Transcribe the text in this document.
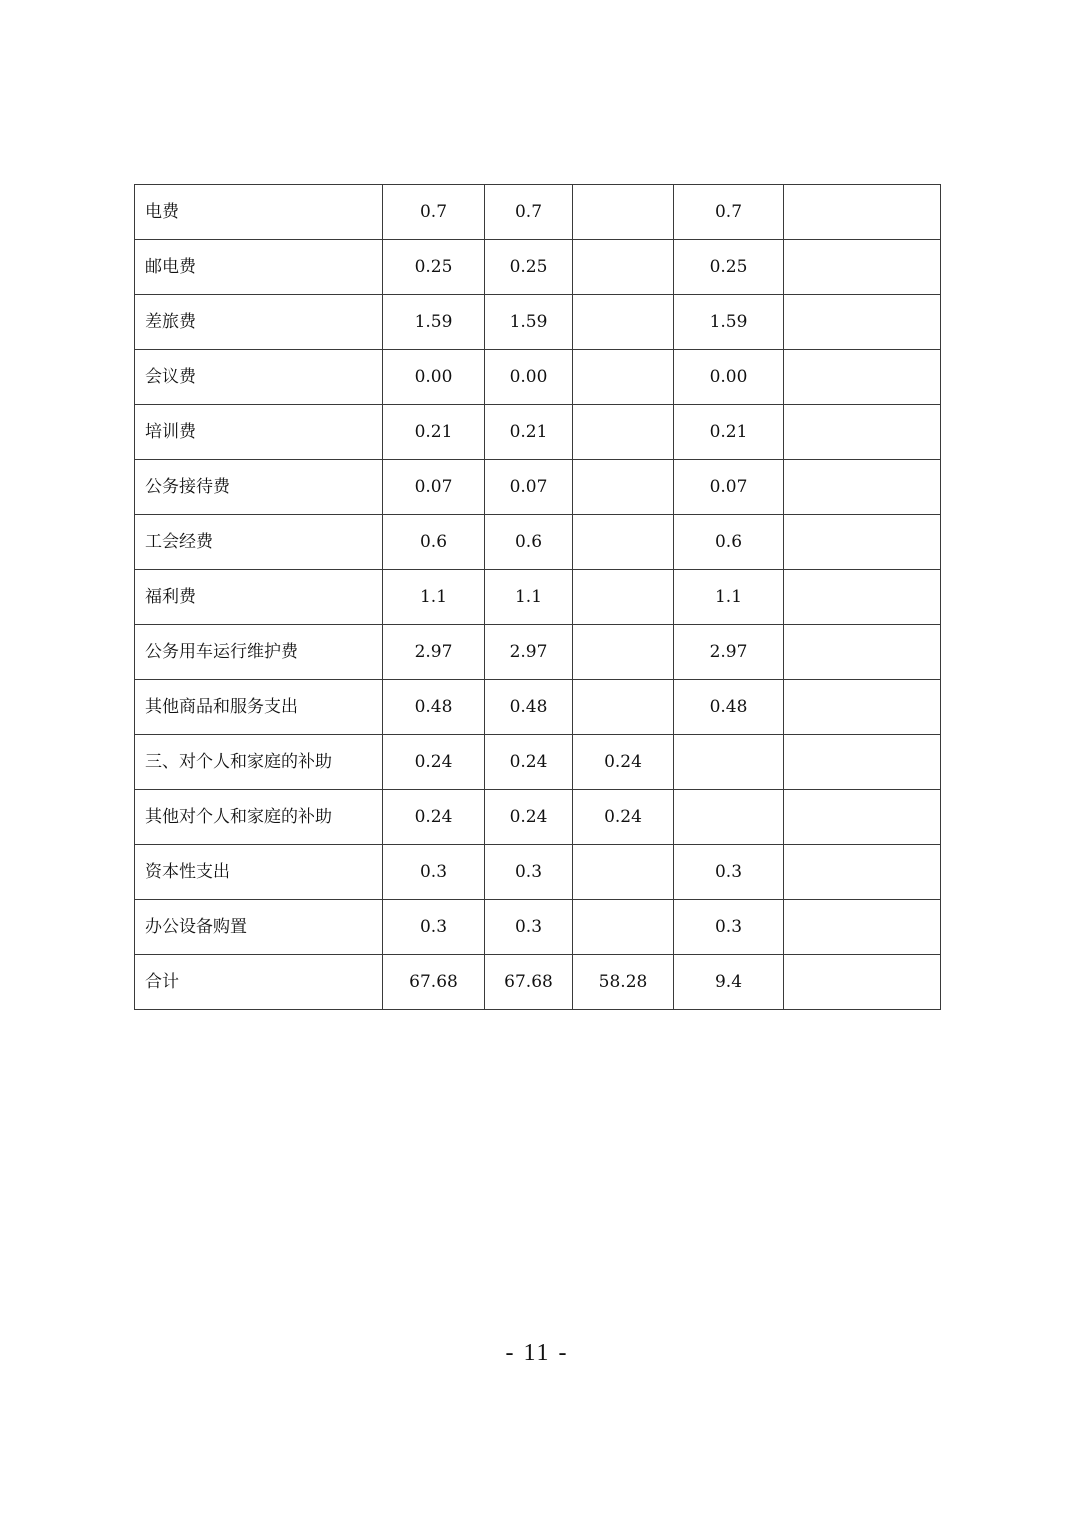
电费	0.7	0.7		0.7	
邮电费	0.25	0.25		0.25	
差旅费	1.59	1.59		1.59	
会议费	0.00	0.00		0.00	
培训费	0.21	0.21		0.21	
公务接待费	0.07	0.07		0.07	
工会经费	0.6	0.6		0.6	
福利费	1.1	1.1		1.1	
公务用车运行维护费	2.97	2.97		2.97	
其他商品和服务支出	0.48	0.48		0.48	
三、对个人和家庭的补助	0.24	0.24	0.24		
其他对个人和家庭的补助	0.24	0.24	0.24		
资本性支出	0.3	0.3		0.3	
办公设备购置	0.3	0.3		0.3	
合计	67.68	67.68	58.28	9.4	
- 11 -
